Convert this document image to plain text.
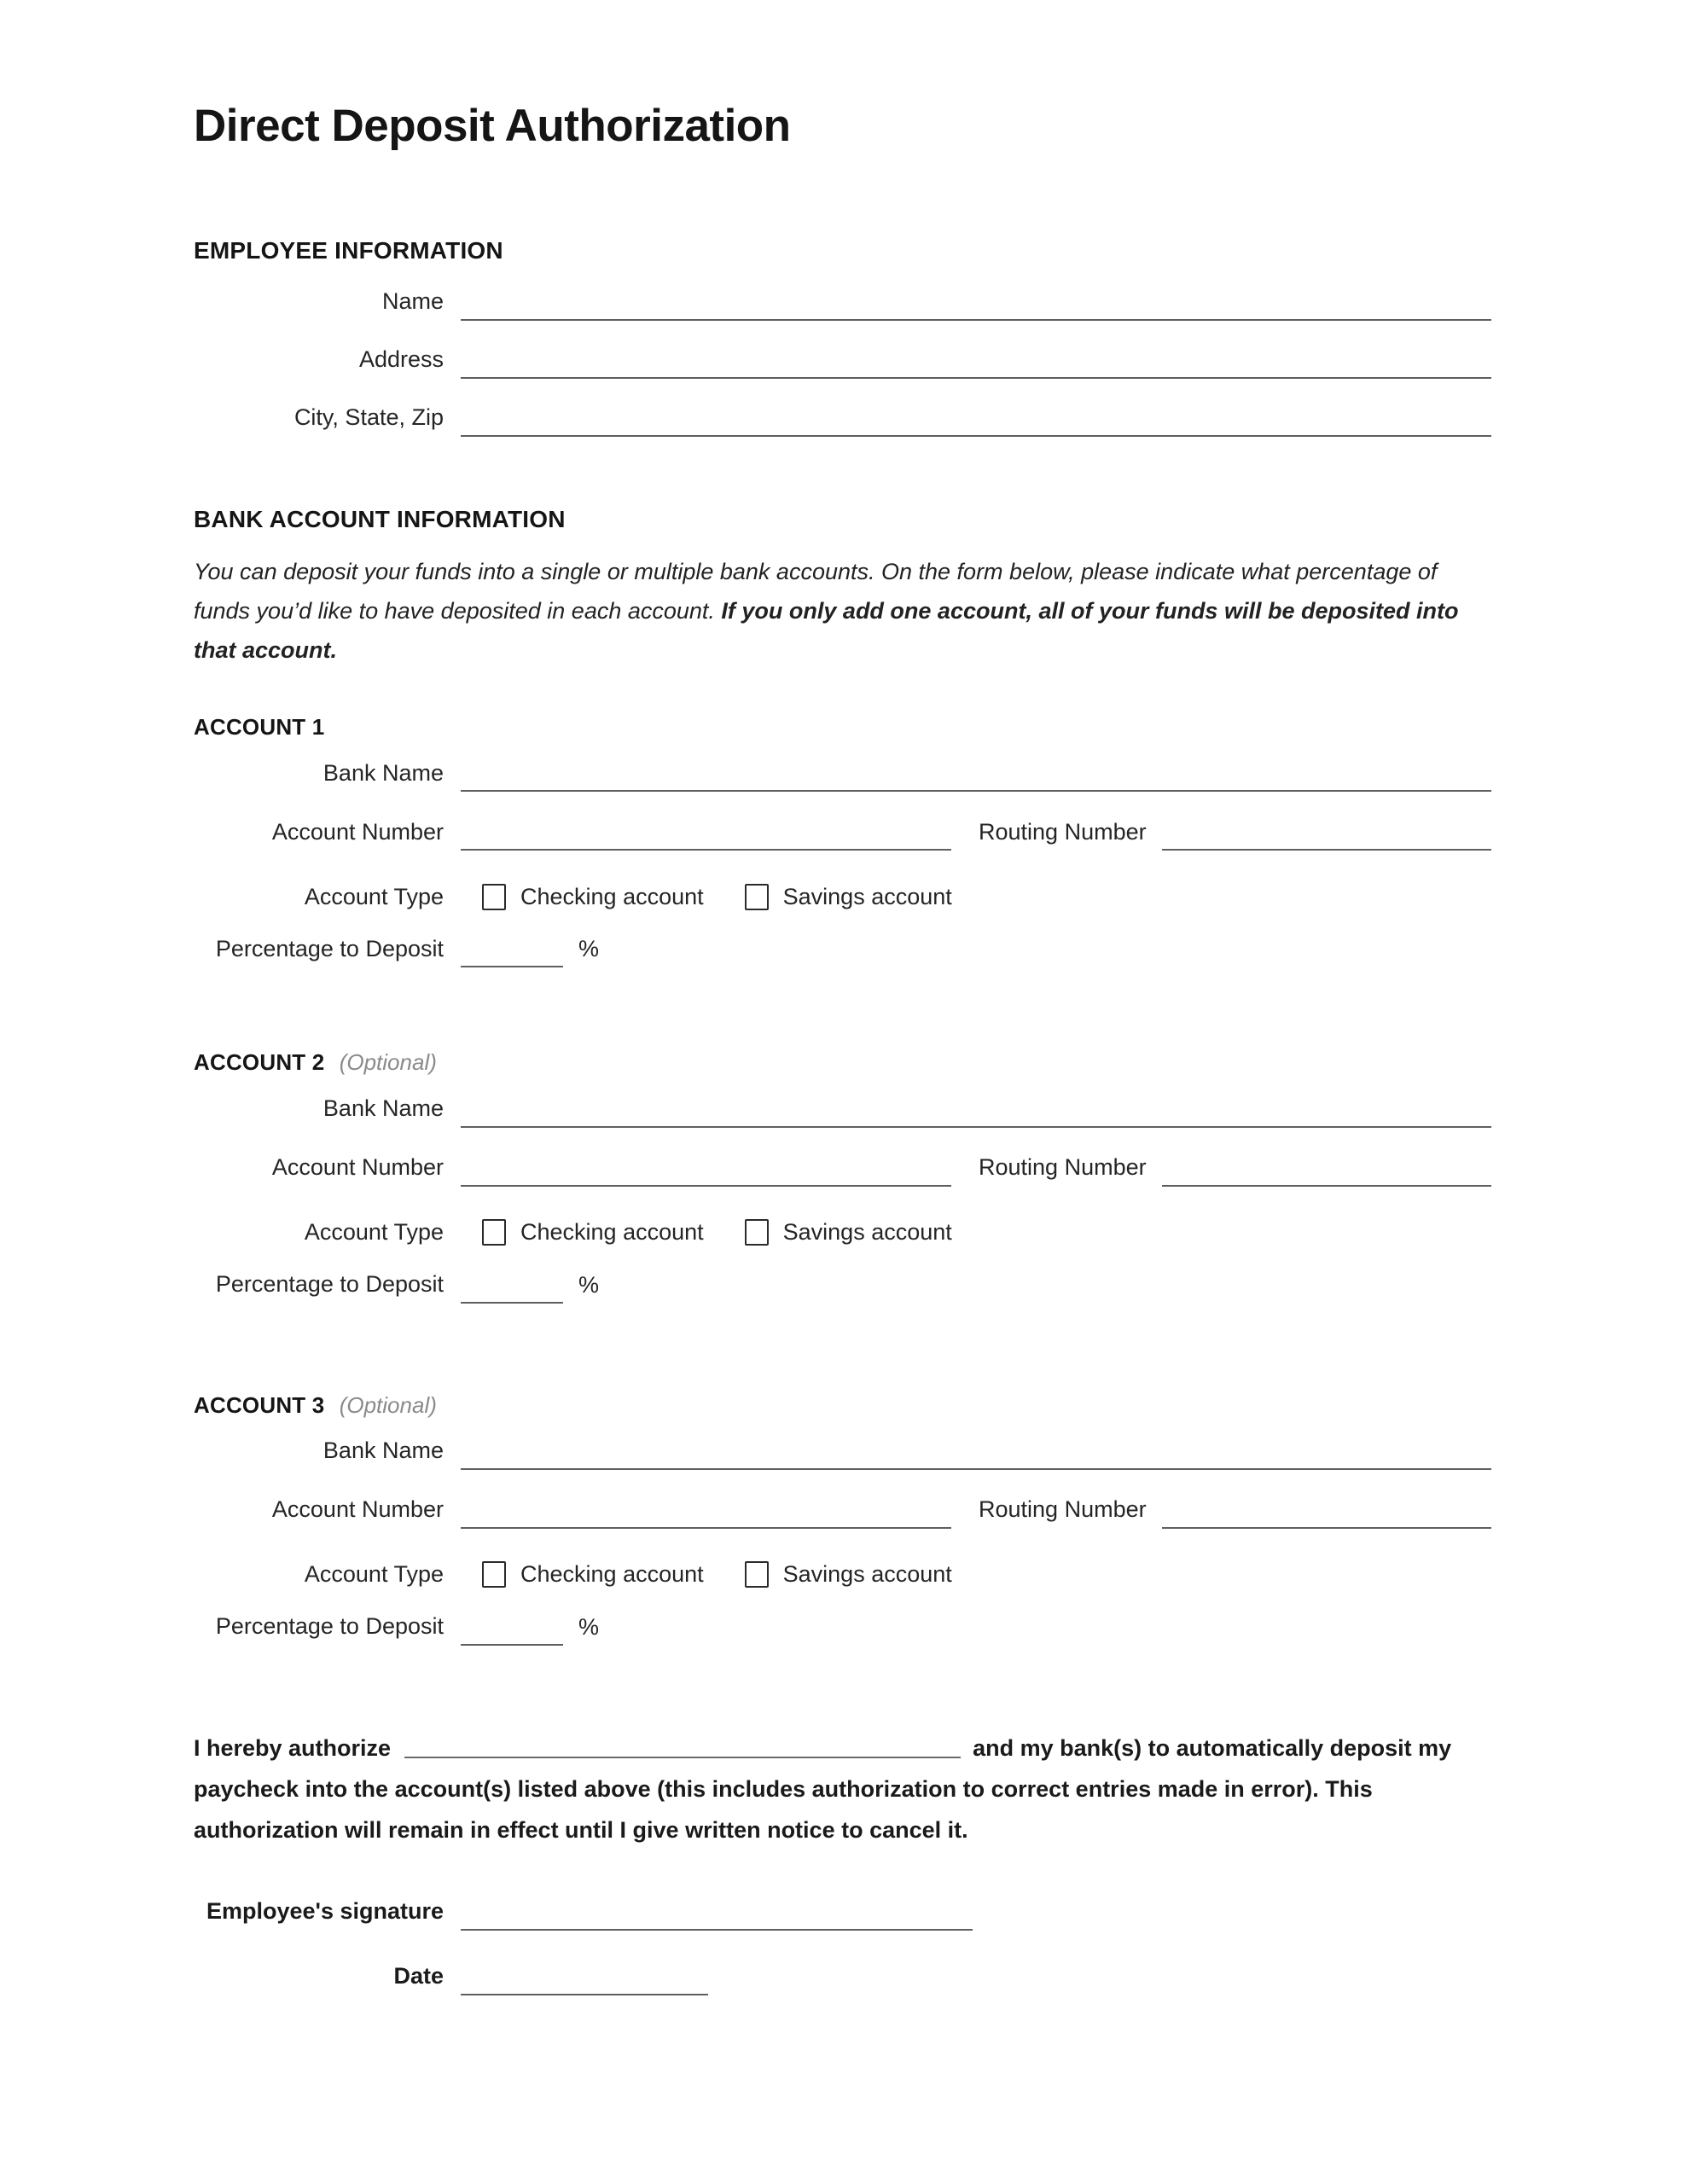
Direct Deposit Authorization
EMPLOYEE INFORMATION
Name
Address
City, State, Zip
BANK ACCOUNT INFORMATION

You can deposit your funds into a single or multiple bank accounts. On the form below, please indicate what percentage of funds you’d like to have deposited in each account. If you only add one account, all of your funds will be deposited into that account.

ACCOUNT 1
Bank Name
Account Number	Routing Number
Account Type	Checking account	Savings account
Percentage to Deposit	%
ACCOUNT 2 (Optional)
Bank Name
Account Number	Routing Number
Account Type	Checking account	Savings account
Percentage to Deposit	%
ACCOUNT 3 (Optional)
Bank Name
Account Number	Routing Number
Account Type	Checking account	Savings account
Percentage to Deposit	%

I hereby authorize	and my bank(s) to automatically deposit my paycheck into the account(s) listed above (this includes authorization to correct entries made in error). This authorization will remain in effect until I give written notice to cancel it.

Employee's signature
Date
